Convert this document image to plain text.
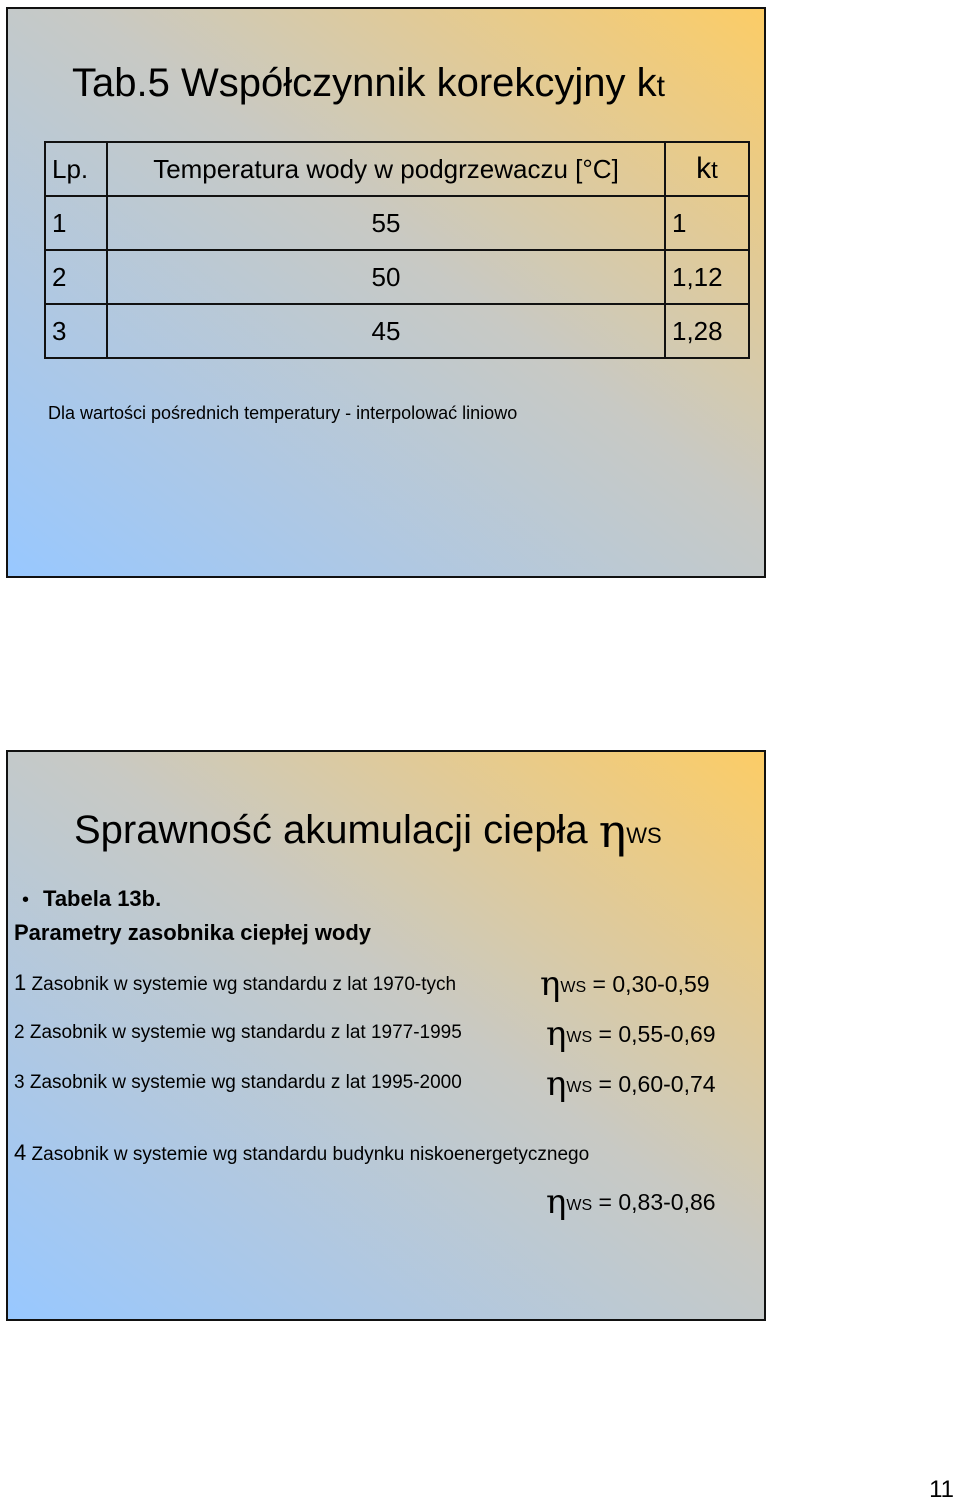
Tab.5 Współczynnik korekcyjny kt
Lp.	Temperatura wody w podgrzewaczu [°C]	kt
1	55	1
2	50	1,12
3	45	1,28
Dla wartości pośrednich temperatury - interpolować liniowo
Sprawność akumulacji ciepła ηWS
• Tabela 13b.
Parametry zasobnika ciepłej wody
1 Zasobnik w systemie wg standardu z lat 1970-tych ηWS = 0,30-0,59
2 Zasobnik w systemie wg standardu z lat 1977-1995 ηWS = 0,55-0,69
3 Zasobnik w systemie wg standardu z lat 1995-2000 ηWS = 0,60-0,74
4 Zasobnik w systemie wg standardu budynku niskoenergetycznego
ηWS = 0,83-0,86
11
